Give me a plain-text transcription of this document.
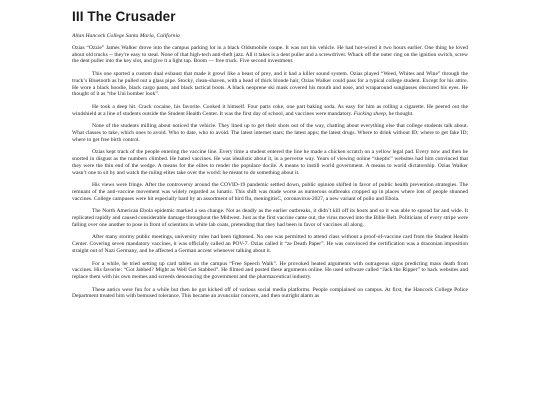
III The Crusader
Allan Hancock College Santa Maria, California

Ozias “Ozzie” James Walker drove into the campus parking lot in a black Oldsmobile coupe. It was not his vehicle. He had hot-wired it two hours earlier. One thing he loved about old trucks -- they're easy to steal. None of that high-tech anti-theft jazz. All it takes is a dent puller and a screwdriver. Whack off the outer ring on the ignition switch, screw the dent puller into the key slot, and give it a light tap. Boom — free truck. Five second investment.

This one sported a custom dual exhaust that made it growl like a beast of prey, and it had a killer sound system. Ozias played “Weed, Whites and Wine” through the truck’s Bluetooth as he pulled out a glass pipe. Stocky, clean-shaven, with a head of thick blonde hair, Ozias Walker could pass for a typical college student. Except for his attire. He wore a black hoodie, black cargo pants, and black tactical boots. A black neoprene ski mask covered his mouth and nose, and wraparound sunglasses obscured his eyes. He thought of it as “the Uni bomber look”.

He took a deep hit. Crack cocaine, his favorite. Cooked it himself. Four parts coke, one part baking soda. As easy for him as rolling a cigarette. He peered out the windshield at a line of students outside the Student Health Center. It was the first day of school, and vaccines were mandatory. Fucking sheep, he thought.

None of the students milling about noticed the vehicle. They lined up to get their shots out of the way, chatting about everything else that college students talk about. What classes to take, which ones to avoid. Who to date, who to avoid. The latest internet stars; the latest apps; the latest drugs. Where to drink without ID; where to get fake ID; where to get free birth control.

Ozias kept track of the people entering the vaccine line. Every time a student entered the line he made a chicken scratch on a yellow legal pad. Every now and then he snorted in disgust as the numbers climbed. He hated vaccines. He was idealistic about it, in a perverse way. Years of viewing online “skeptic” websites had him convinced that they were the thin end of the wedge. A means for the elites to render the populace docile. A means to instill world government. A means to world dictatorship. Ozias Walker wasn’t one to sit by and watch the ruling elites take over the world: he meant to do something about it.

His views were fringe. After the controversy around the COVID-19 pandemic settled down, public opinion shifted in favor of public health prevention strategies. The remnant of the anti-vaccine movement was widely regarded as lunatic. This shift was made worse as numerous outbreaks cropped up in places where lots of people shunned vaccines. College campuses were hit especially hard by an assortment of bird flu, meningitisC, coronavirus-2027, a new variant of polio and Ebola.

The North American Ebola epidemic marked a sea change. Not as deadly as the earlier outbreaks, it didn’t kill off its hosts and so it was able to spread far and wide. It replicated rapidly and caused considerable damage throughout the Midwest. Just as the first vaccine came out, the virus moved into the Bible Belt. Politicians of every stripe were falling over one another to pose in front of scientists in white lab coats, pretending that they had been in favor of vaccines all along.

After many stormy public meetings, university rules had been tightened. No one was permitted to attend class without a proof-of-vaccine card from the Student Health Center. Covering seven mandatory vaccines, it was officially called an POV-7. Ozias called it “ze Death Paper”. He was convinced the certification was a draconian imposition straight out of Nazi Germany, and he affected a German accent whenever talking about it.

For a while, he tried setting up card tables on the campus “Free Speech Walk”. He provoked heated arguments with outrageous signs predicting mass death from vaccines. His favorite: “Got Jabbed? Might as Well Get Stabbed”. He filmed and posted these arguments online. He used software called “Jack the Ripper” to hack websites and replace them with his own memes and screeds denouncing the government and the pharmaceutical industry.

These antics were fun for a while but then he got kicked off of various social media platforms. People complained on campus. At first, the Hancock College Police Department treated him with bemused tolerance. This became an avuncular concern, and then outright alarm as
